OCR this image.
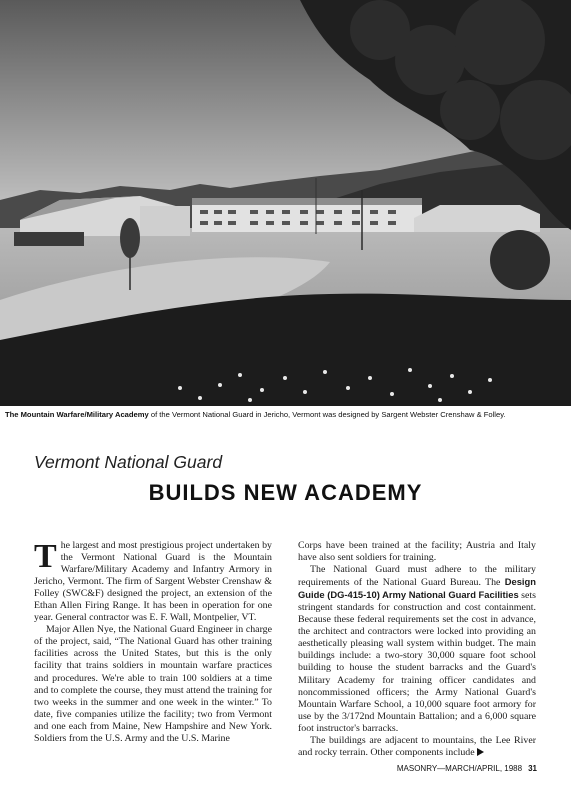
The Mountain Warfare/Military Academy of the Vermont National Guard in Jericho, Vermont was designed by Sargent Webster Crenshaw & Folley.
Vermont National Guard
BUILDS NEW ACADEMY

The largest and most prestigious project undertaken by the Vermont National Guard is the Mountain Warfare/Military Academy and Infantry Armory in Jericho, Vermont. The firm of Sargent Webster Crenshaw & Folley (SWC&F) designed the project, an extension of the Ethan Allen Firing Range. It has been in operation for one year. General contractor was E. F. Wall, Montpelier, VT.

Major Allen Nye, the National Guard Engineer in charge of the project, said, “The National Guard has other training facilities across the United States, but this is the only facility that trains soldiers in mountain warfare practices and procedures. We're able to train 100 soldiers at a time and to complete the course, they must attend the training for two weeks in the summer and one week in the winter.” To date, five companies utilize the facility; two from Vermont and one each from Maine, New Hampshire and New York. Soldiers from the U.S. Army and the U.S. Marine

Corps have been trained at the facility; Austria and Italy have also sent soldiers for training.

The National Guard must adhere to the military requirements of the National Guard Bureau. The Design Guide (DG-415-10) Army National Guard Facilities sets stringent standards for construction and cost containment. Because these federal requirements set the cost in advance, the architect and contractors were locked into providing an aesthetically pleasing wall system within budget. The main buildings include: a two-story 30,000 square foot school building to house the student barracks and the Guard's Military Academy for training officer candidates and noncommissioned officers; the Army National Guard's Mountain Warfare School, a 10,000 square foot armory for use by the 3/172nd Mountain Battalion; and a 6,000 square foot instructor's barracks.

The buildings are adjacent to mountains, the Lee River and rocky terrain. Other components include

MASONRY—MARCH/APRIL, 1988 31
